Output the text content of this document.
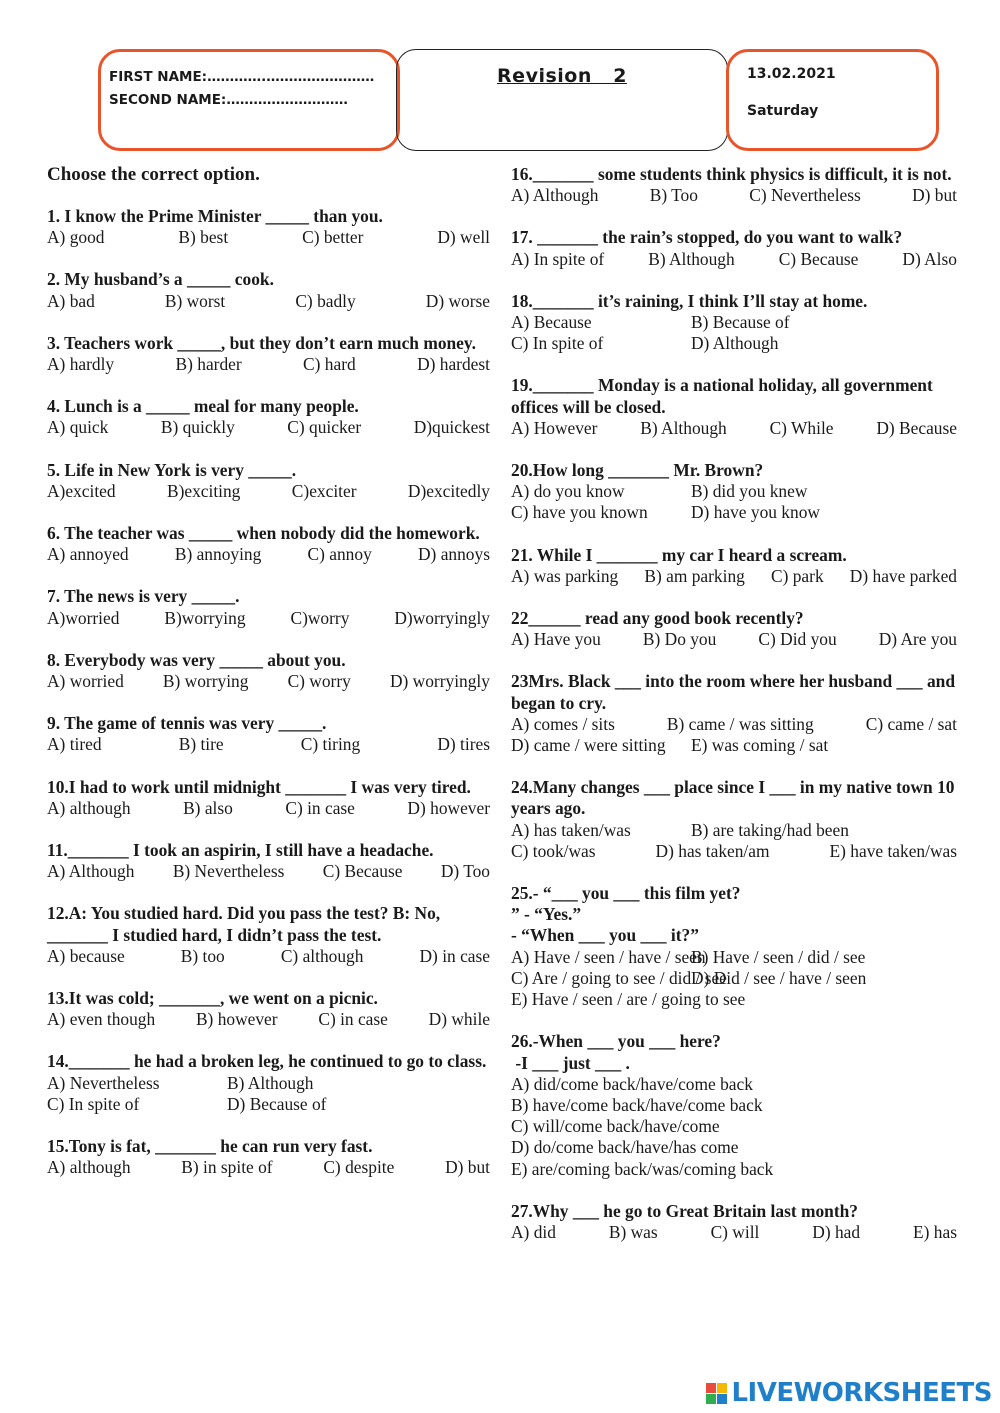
FIRST NAME:………….……………………
SECOND NAME:………………………
Revision   2	13.02.2021
Saturday
Choose the correct option.
1. I know the Prime Minister _____ than you.
A) good	B) best	C) better	D) well
2. My husband’s a _____ cook.
A) bad	B) worst	C) badly	D) worse
3. Teachers work _____, but they don’t earn much money.
A) hardly	B) harder	C) hard	D) hardest
4. Lunch is a _____ meal for many people.
A) quick	B) quickly	C) quicker	D)quickest
5. Life in New York is very _____.
A)excited	B)exciting	C)exciter	D)excitedly
6. The teacher was _____ when nobody did the homework.
A) annoyed	B) annoying	C) annoy	D) annoys
7. The news is very _____.
A)worried	B)worrying	C)worry	D)worryingly
8. Everybody was very _____ about you.
A) worried B) worrying C) worry D) worryingly
9. The game of tennis was very _____.
A) tired	B) tire	C) tiring	D) tires
10.I had to work until midnight _______ I was very tired.
A) although	B) also	C) in case	D) however
11._______ I took an aspirin, I still have a headache.
A) Although B) Nevertheless C) Because D) Too
12.A: You studied hard. Did you pass the test? B: No, _______ I studied hard, I didn’t pass the test.
A) because	B) too	C) although	D) in case
13.It was cold; _______, we went on a picnic.
A) even though B) however C) in case D) while
14._______ he had a broken leg, he continued to go to class.
A) Nevertheless	B) Although
C) In spite of	D) Because of
15.Tony is fat, _______ he can run very fast.
A) although	B) in spite of	C) despite	D) but
16._______ some students think physics is difficult, it is not.
A) Although	B) Too	C) Nevertheless	D) but
17. _______ the rain’s stopped, do you want to walk?
A) In spite of	B) Although	C) Because	D) Also
18._______ it’s raining, I think I’ll stay at home.
A) Because	B) Because of
C) In spite of	D) Although
19._______ Monday is a national holiday, all government offices will be closed.
A) However B) Although C) While D) Because
20.How long _______ Mr. Brown?
A) do you know	B) did you knew
C) have you known	D) have you know
21. While I _______ my car I heard a scream.
A) was parking B) am parking C) park D) have parked
22______ read any good book recently?
A) Have you B) Do you C) Did you D) Are you
23Mrs. Black ___ into the room where her husband ___ and began to cry.
A) comes / sits	B) came / was sitting	C) came / sat
D) came / were sitting	E) was coming / sat
24.Many changes ___ place since I ___ in my native town 10 years ago.
A) has taken/was	B) are taking/had been
C) took/was	D) has taken/am	E) have taken/was
25.- “___ you ___ this film yet?
” - “Yes.”
- “When ___ you ___ it?”
A) Have / seen / have / seen
B) Have / seen / did / see
C) Are / going to see / did / see
D) Did / see / have / seen
E) Have / seen / are / going to see
26.-When ___ you ___ here?
-I ___ just ___ .
A) did/come back/have/come back
B) have/come back/have/come back
C) will/come back/have/come
D) do/come back/have/has come
E) are/coming back/was/coming back
27.Why ___ he go to Great Britain last month?
A) did	B) was	C) will	D) had	E) has
LIVEWORKSHEETS
